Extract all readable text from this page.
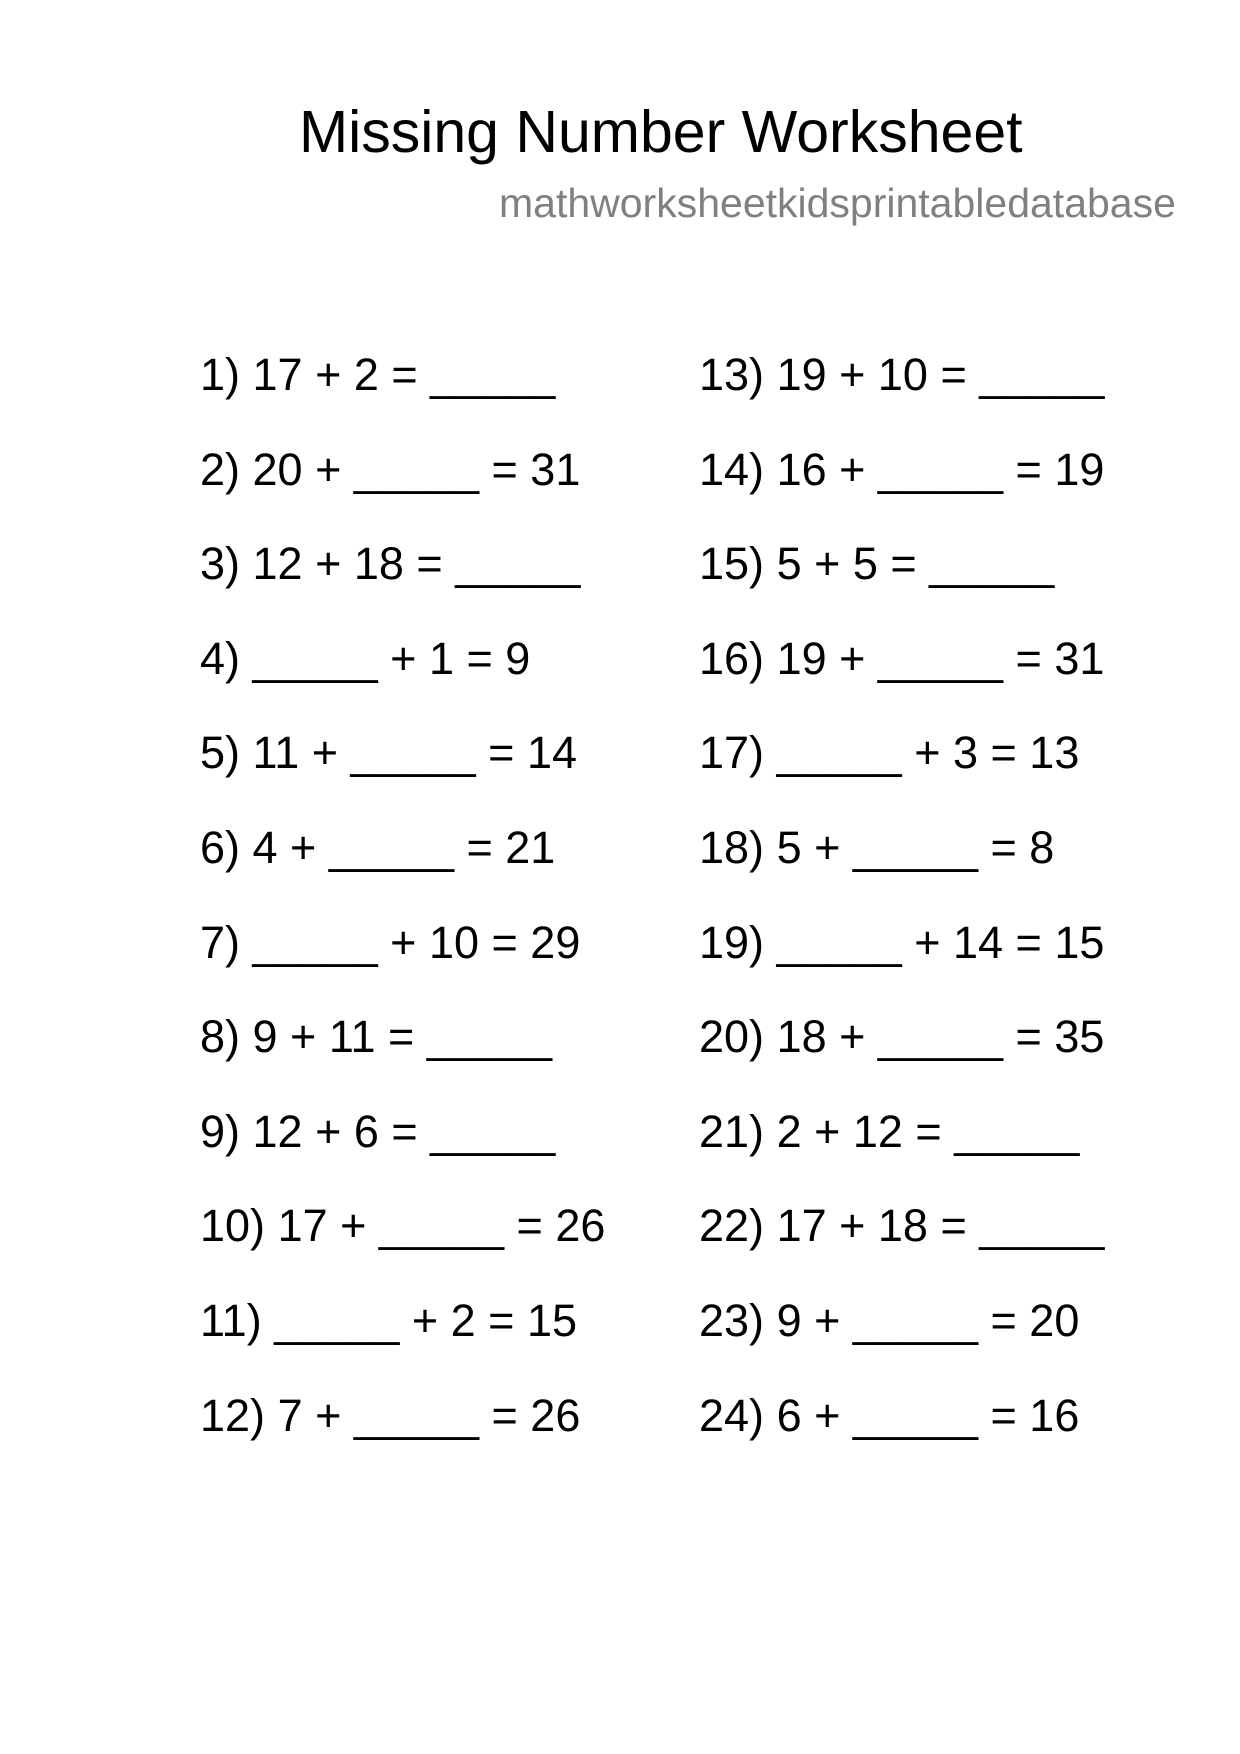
Missing Number Worksheet
mathworksheetkidsprintabledatabase
1) 17 + 2 = _____
2) 20 + _____ = 31
3) 12 + 18 = _____
4) _____ + 1 = 9
5) 11 + _____ = 14
6) 4 + _____ = 21
7) _____ + 10 = 29
8) 9 + 11 = _____
9) 12 + 6 = _____
10) 17 + _____ = 26
11) _____ + 2 = 15
12) 7 + _____ = 26
13) 19 + 10 = _____
14) 16 + _____ = 19
15) 5 + 5 = _____
16) 19 + _____ = 31
17) _____ + 3 = 13
18) 5 + _____ = 8
19) _____ + 14 = 15
20) 18 + _____ = 35
21) 2 + 12 = _____
22) 17 + 18 = _____
23) 9 + _____ = 20
24) 6 + _____ = 16
